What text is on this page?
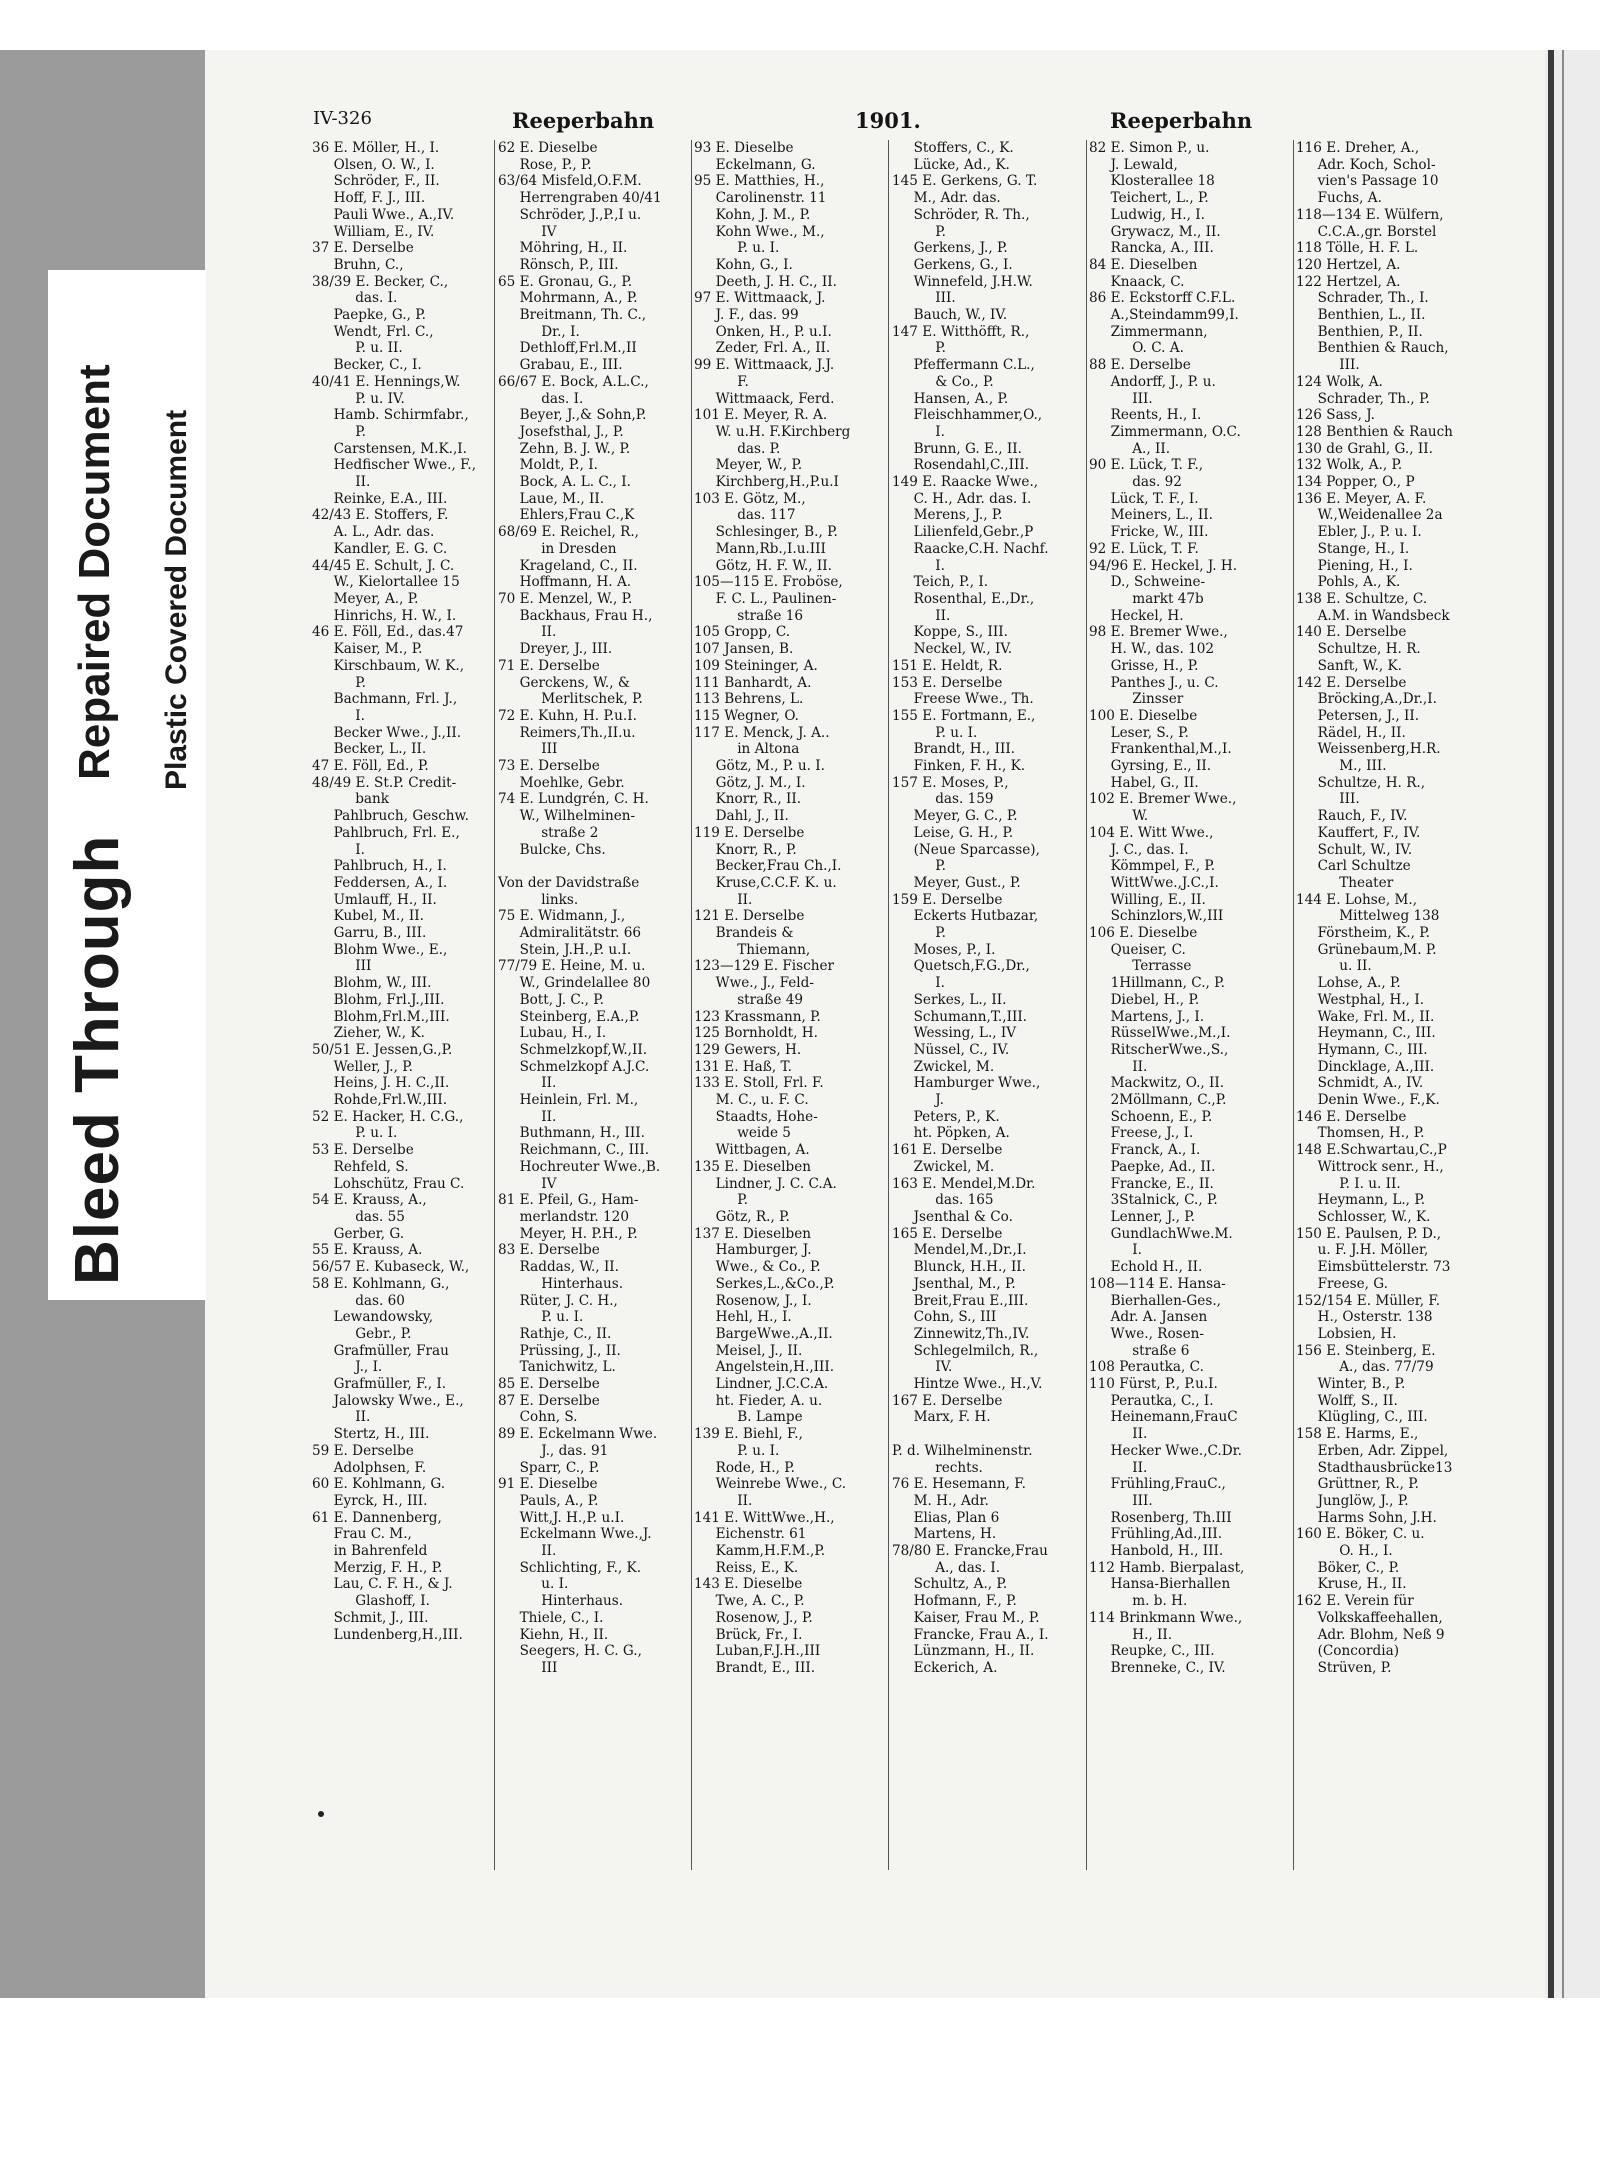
Bleed Through
Repaired Document Plastic Covered Document
IV-326	Reeperbahn	1901.	Reeperbahn
36 E. Möller, H., I.
Olsen, O. W., I.
Schröder, F., II.
Hoff, F. J., III.
Pauli Wwe., A.,IV.
William, E., IV.
37 E. Derselbe
Bruhn, C.,
38/39 E. Becker, C.,
das. I.
Paepke, G., P.
Wendt, Frl. C.,
P. u. II.
Becker, C., I.
40/41 E. Hennings,W.
P. u. IV.
Hamb. Schirmfabr.,
P.
Carstensen, M.K.,I.
Hedfischer Wwe., F.,
II.
Reinke, E.A., III.
42/43 E. Stoffers, F.
A. L., Adr. das.
Kandler, E. G. C.
44/45 E. Schult, J. C.
W., Kielortallee 15
Meyer, A., P.
Hinrichs, H. W., I.
46 E. Föll, Ed., das.47
Kaiser, M., P.
Kirschbaum, W. K.,
P.
Bachmann, Frl. J.,
I.
Becker Wwe., J.,II.
Becker, L., II.
47 E. Föll, Ed., P.
48/49 E. St.P. Credit-
bank
Pahlbruch, Geschw.
Pahlbruch, Frl. E.,
I.
Pahlbruch, H., I.
Feddersen, A., I.
Umlauff, H., II.
Kubel, M., II.
Garru, B., III.
Blohm Wwe., E.,
III
Blohm, W., III.
Blohm, Frl.J.,III.
Blohm,Frl.M.,III.
Zieher, W., K.
50/51 E. Jessen,G.,P.
Weller, J., P.
Heins, J. H. C.,II.
Rohde,Frl.W.,III.
52 E. Hacker, H. C.G.,
P. u. I.
53 E. Derselbe
Rehfeld, S.
Lohschütz, Frau C.
54 E. Krauss, A.,
das. 55
Gerber, G.
55 E. Krauss, A.
56/57 E. Kubaseck, W.,
58 E. Kohlmann, G.,
das. 60
Lewandowsky,
Gebr., P.
Grafmüller, Frau
J., I.
Grafmüller, F., I.
Jalowsky Wwe., E.,
II.
Stertz, H., III.
59 E. Derselbe
Adolphsen, F.
60 E. Kohlmann, G.
Eyrck, H., III.
61 E. Dannenberg,
Frau C. M.,
in Bahrenfeld
Merzig, F. H., P.
Lau, C. F. H., & J.
Glashoff, I.
Schmit, J., III.
Lundenberg,H.,III.
62 E. Dieselbe
Rose, P., P.
63/64 Misfeld,O.F.M.
Herrengraben 40/41
Schröder, J.,P.,I u.
IV
Möhring, H., II.
Rönsch, P., III.
65 E. Gronau, G., P.
Mohrmann, A., P.
Breitmann, Th. C.,
Dr., I.
Dethloff,Frl.M.,II
Grabau, E., III.
66/67 E. Bock, A.L.C.,
das. I.
Beyer, J.,& Sohn,P.
Josefsthal, J., P.
Zehn, B. J. W., P.
Moldt, P., I.
Bock, A. L. C., I.
Laue, M., II.
Ehlers,Frau C.,K
68/69 E. Reichel, R.,
in Dresden
Krageland, C., II.
Hoffmann, H. A.
70 E. Menzel, W., P.
Backhaus, Frau H.,
II.
Dreyer, J., III.
71 E. Derselbe
Gerckens, W., &
Merlitschek, P.
72 E. Kuhn, H. P.u.I.
Reimers,Th.,II.u.
III
73 E. Derselbe
Moehlke, Gebr.
74 E. Lundgrén, C. H.
W., Wilhelminen-
straße 2
Bulcke, Chs.

Von der Davidstraße
links.
75 E. Widmann, J.,
Admiralitätstr. 66
Stein, J.H.,P. u.I.
77/79 E. Heine, M. u.
W., Grindelallee 80
Bott, J. C., P.
Steinberg, E.A.,P.
Lubau, H., I.
Schmelzkopf,W.,II.
Schmelzkopf A.J.C.
II.
Heinlein, Frl. M.,
II.
Buthmann, H., III.
Reichmann, C., III.
Hochreuter Wwe.,B.
IV
81 E. Pfeil, G., Ham-
merlandstr. 120
Meyer, H. P.H., P.
83 E. Derselbe
Raddas, W., II.
Hinterhaus.
Rüter, J. C. H.,
P. u. I.
Rathje, C., II.
Prüssing, J., II.
Tanichwitz, L.
85 E. Derselbe
87 E. Derselbe
Cohn, S.
89 E. Eckelmann Wwe.
J., das. 91
Sparr, C., P.
91 E. Dieselbe
Pauls, A., P.
Witt,J. H.,P. u.I.
Eckelmann Wwe.,J.
II.
Schlichting, F., K.
u. I.
Hinterhaus.
Thiele, C., I.
Kiehn, H., II.
Seegers, H. C. G.,
III
93 E. Dieselbe
Eckelmann, G.
95 E. Matthies, H.,
Carolinenstr. 11
Kohn, J. M., P.
Kohn Wwe., M.,
P. u. I.
Kohn, G., I.
Deeth, J. H. C., II.
97 E. Wittmaack, J.
J. F., das. 99
Onken, H., P. u.I.
Zeder, Frl. A., II.
99 E. Wittmaack, J.J.
F.
Wittmaack, Ferd.
101 E. Meyer, R. A.
W. u.H. F.Kirchberg
das. P.
Meyer, W., P.
Kirchberg,H.,P.u.I
103 E. Götz, M.,
das. 117
Schlesinger, B., P.
Mann,Rb.,I.u.III
Götz, H. F. W., II.
105—115 E. Froböse,
F. C. L., Paulinen-
straße 16
105 Gropp, C.
107 Jansen, B.
109 Steininger, A.
111 Banhardt, A.
113 Behrens, L.
115 Wegner, O.
117 E. Menck, J. A..
in Altona
Götz, M., P. u. I.
Götz, J. M., I.
Knorr, R., II.
Dahl, J., II.
119 E. Derselbe
Knorr, R., P.
Becker,Frau Ch.,I.
Kruse,C.C.F. K. u.
II.
121 E. Derselbe
Brandeis &
Thiemann,
123—129 E. Fischer
Wwe., J., Feld-
straße 49
123 Krassmann, P.
125 Bornholdt, H.
129 Gewers, H.
131 E. Haß, T.
133 E. Stoll, Frl. F.
M. C., u. F. C.
Staadts, Hohe-
weide 5
Wittbagen, A.
135 E. Dieselben
Lindner, J. C. C.A.
P.
Götz, R., P.
137 E. Dieselben
Hamburger, J.
Wwe., & Co., P.
Serkes,L.,&Co.,P.
Rosenow, J., I.
Hehl, H., I.
BargeWwe.,A.,II.
Meisel, J., II.
Angelstein,H.,III.
Lindner, J.C.C.A.
ht. Fieder, A. u.
B. Lampe
139 E. Biehl, F.,
P. u. I.
Rode, H., P.
Weinrebe Wwe., C.
II.
141 E. WittWwe.,H.,
Eichenstr. 61
Kamm,H.F.M.,P.
Reiss, E., K.
143 E. Dieselbe
Twe, A. C., P.
Rosenow, J., P.
Brück, Fr., I.
Luban,F.J.H.,III
Brandt, E., III.
Stoffers, C., K.
Lücke, Ad., K.
145 E. Gerkens, G. T.
M., Adr. das.
Schröder, R. Th.,
P.
Gerkens, J., P.
Gerkens, G., I.
Winnefeld, J.H.W.
III.
Bauch, W., IV.
147 E. Witthöfft, R.,
P.
Pfeffermann C.L.,
& Co., P.
Hansen, A., P.
Fleischhammer,O.,
I.
Brunn, G. E., II.
Rosendahl,C.,III.
149 E. Raacke Wwe.,
C. H., Adr. das. I.
Merens, J., P.
Lilienfeld,Gebr.,P
Raacke,C.H. Nachf.
I.
Teich, P., I.
Rosenthal, E.,Dr.,
II.
Koppe, S., III.
Neckel, W., IV.
151 E. Heldt, R.
153 E. Derselbe
Freese Wwe., Th.
155 E. Fortmann, E.,
P. u. I.
Brandt, H., III.
Finken, F. H., K.
157 E. Moses, P.,
das. 159
Meyer, G. C., P.
Leise, G. H., P.
(Neue Sparcasse),
P.
Meyer, Gust., P.
159 E. Derselbe
Eckerts Hutbazar,
P.
Moses, P., I.
Quetsch,F.G.,Dr.,
I.
Serkes, L., II.
Schumann,T.,III.
Wessing, L., IV
Nüssel, C., IV.
Zwickel, M.
Hamburger Wwe.,
J.
Peters, P., K.
ht. Pöpken, A.
161 E. Derselbe
Zwickel, M.
163 E. Mendel,M.Dr.
das. 165
Jsenthal & Co.
165 E. Derselbe
Mendel,M.,Dr.,I.
Blunck, H.H., II.
Jsenthal, M., P.
Breit,Frau E.,III.
Cohn, S., III
Zinnewitz,Th.,IV.
Schlegelmilch, R.,
IV.
Hintze Wwe., H.,V.
167 E. Derselbe
Marx, F. H.

P. d. Wilhelminenstr.
rechts.
76 E. Hesemann, F.
M. H., Adr.
Elias, Plan 6
Martens, H.
78/80 E. Francke,Frau
A., das. I.
Schultz, A., P.
Hofmann, F., P.
Kaiser, Frau M., P.
Francke, Frau A., I.
Lünzmann, H., II.
Eckerich, A.
82 E. Simon P., u.
J. Lewald,
Klosterallee 18
Teichert, L., P.
Ludwig, H., I.
Grywacz, M., II.
Rancka, A., III.
84 E. Dieselben
Knaack, C.
86 E. Eckstorff C.F.L.
A.,Steindamm99,I.
Zimmermann,
O. C. A.
88 E. Derselbe
Andorff, J., P. u.
III.
Reents, H., I.
Zimmermann, O.C.
A., II.
90 E. Lück, T. F.,
das. 92
Lück, T. F., I.
Meiners, L., II.
Fricke, W., III.
92 E. Lück, T. F.
94/96 E. Heckel, J. H.
D., Schweine-
markt 47b
Heckel, H.
98 E. Bremer Wwe.,
H. W., das. 102
Grisse, H., P.
Panthes J., u. C.
Zinsser
100 E. Dieselbe
Leser, S., P.
Frankenthal,M.,I.
Gyrsing, E., II.
Habel, G., II.
102 E. Bremer Wwe.,
W.
104 E. Witt Wwe.,
J. C., das. I.
Kömmpel, F., P.
WittWwe.,J.C.,I.
Willing, E., II.
Schinzlors,W.,III
106 E. Dieselbe
Queiser, C.
Terrasse
1Hillmann, C., P.
Diebel, H., P.
Martens, J., I.
RüsselWwe.,M.,I.
RitscherWwe.,S.,
II.
Mackwitz, O., II.
2Möllmann, C.,P.
Schoenn, E., P.
Freese, J., I.
Franck, A., I.
Paepke, Ad., II.
Francke, E., II.
3Stalnick, C., P.
Lenner, J., P.
GundlachWwe.M.
I.
Echold H., II.
108—114 E. Hansa-
Bierhallen-Ges.,
Adr. A. Jansen
Wwe., Rosen-
straße 6
108 Perautka, C.
110 Fürst, P., P.u.I.
Perautka, C., I.
Heinemann,FrauC
II.
Hecker Wwe.,C.Dr.
II.
Frühling,FrauC.,
III.
Rosenberg, Th.III
Frühling,Ad.,III.
Hanbold, H., III.
112 Hamb. Bierpalast,
Hansa-Bierhallen
m. b. H.
114 Brinkmann Wwe.,
H., II.
Reupke, C., III.
Brenneke, C., IV.
116 E. Dreher, A.,
Adr. Koch, Schol-
vien's Passage 10
Fuchs, A.
118—134 E. Wülfern,
C.C.A.,gr. Borstel
118 Tölle, H. F. L.
120 Hertzel, A.
122 Hertzel, A.
Schrader, Th., I.
Benthien, L., II.
Benthien, P., II.
Benthien & Rauch,
III.
124 Wolk, A.
Schrader, Th., P.
126 Sass, J.
128 Benthien & Rauch
130 de Grahl, G., II.
132 Wolk, A., P.
134 Popper, O., P
136 E. Meyer, A. F.
W.,Weidenallee 2a
Ebler, J., P. u. I.
Stange, H., I.
Piening, H., I.
Pohls, A., K.
138 E. Schultze, C.
A.M. in Wandsbeck
140 E. Derselbe
Schultze, H. R.
Sanft, W., K.
142 E. Derselbe
Bröcking,A.,Dr.,I.
Petersen, J., II.
Rädel, H., II.
Weissenberg,H.R.
M., III.
Schultze, H. R.,
III.
Rauch, F., IV.
Kauffert, F., IV.
Schult, W., IV.
Carl Schultze
Theater
144 E. Lohse, M.,
Mittelweg 138
Förstheim, K., P.
Grünebaum,M. P.
u. II.
Lohse, A., P.
Westphal, H., I.
Wake, Frl. M., II.
Heymann, C., III.
Hymann, C., III.
Dincklage, A.,III.
Schmidt, A., IV.
Denin Wwe., F.,K.
146 E. Derselbe
Thomsen, H., P.
148 E.Schwartau,C.,P
Wittrock senr., H.,
P. I. u. II.
Heymann, L., P.
Schlosser, W., K.
150 E. Paulsen, P. D.,
u. F. J.H. Möller,
Eimsbüttelerstr. 73
Freese, G.
152/154 E. Müller, F.
H., Osterstr. 138
Lobsien, H.
156 E. Steinberg, E.
A., das. 77/79
Winter, B., P.
Wolff, S., II.
Klügling, C., III.
158 E. Harms, E.,
Erben, Adr. Zippel,
Stadthausbrücke13
Grüttner, R., P.
Junglöw, J., P.
Harms Sohn, J.H.
160 E. Böker, C. u.
O. H., I.
Böker, C., P.
Kruse, H., II.
162 E. Verein für
Volkskaffeehallen,
Adr. Blohm, Neß 9
(Concordia)
Strüven, P.
